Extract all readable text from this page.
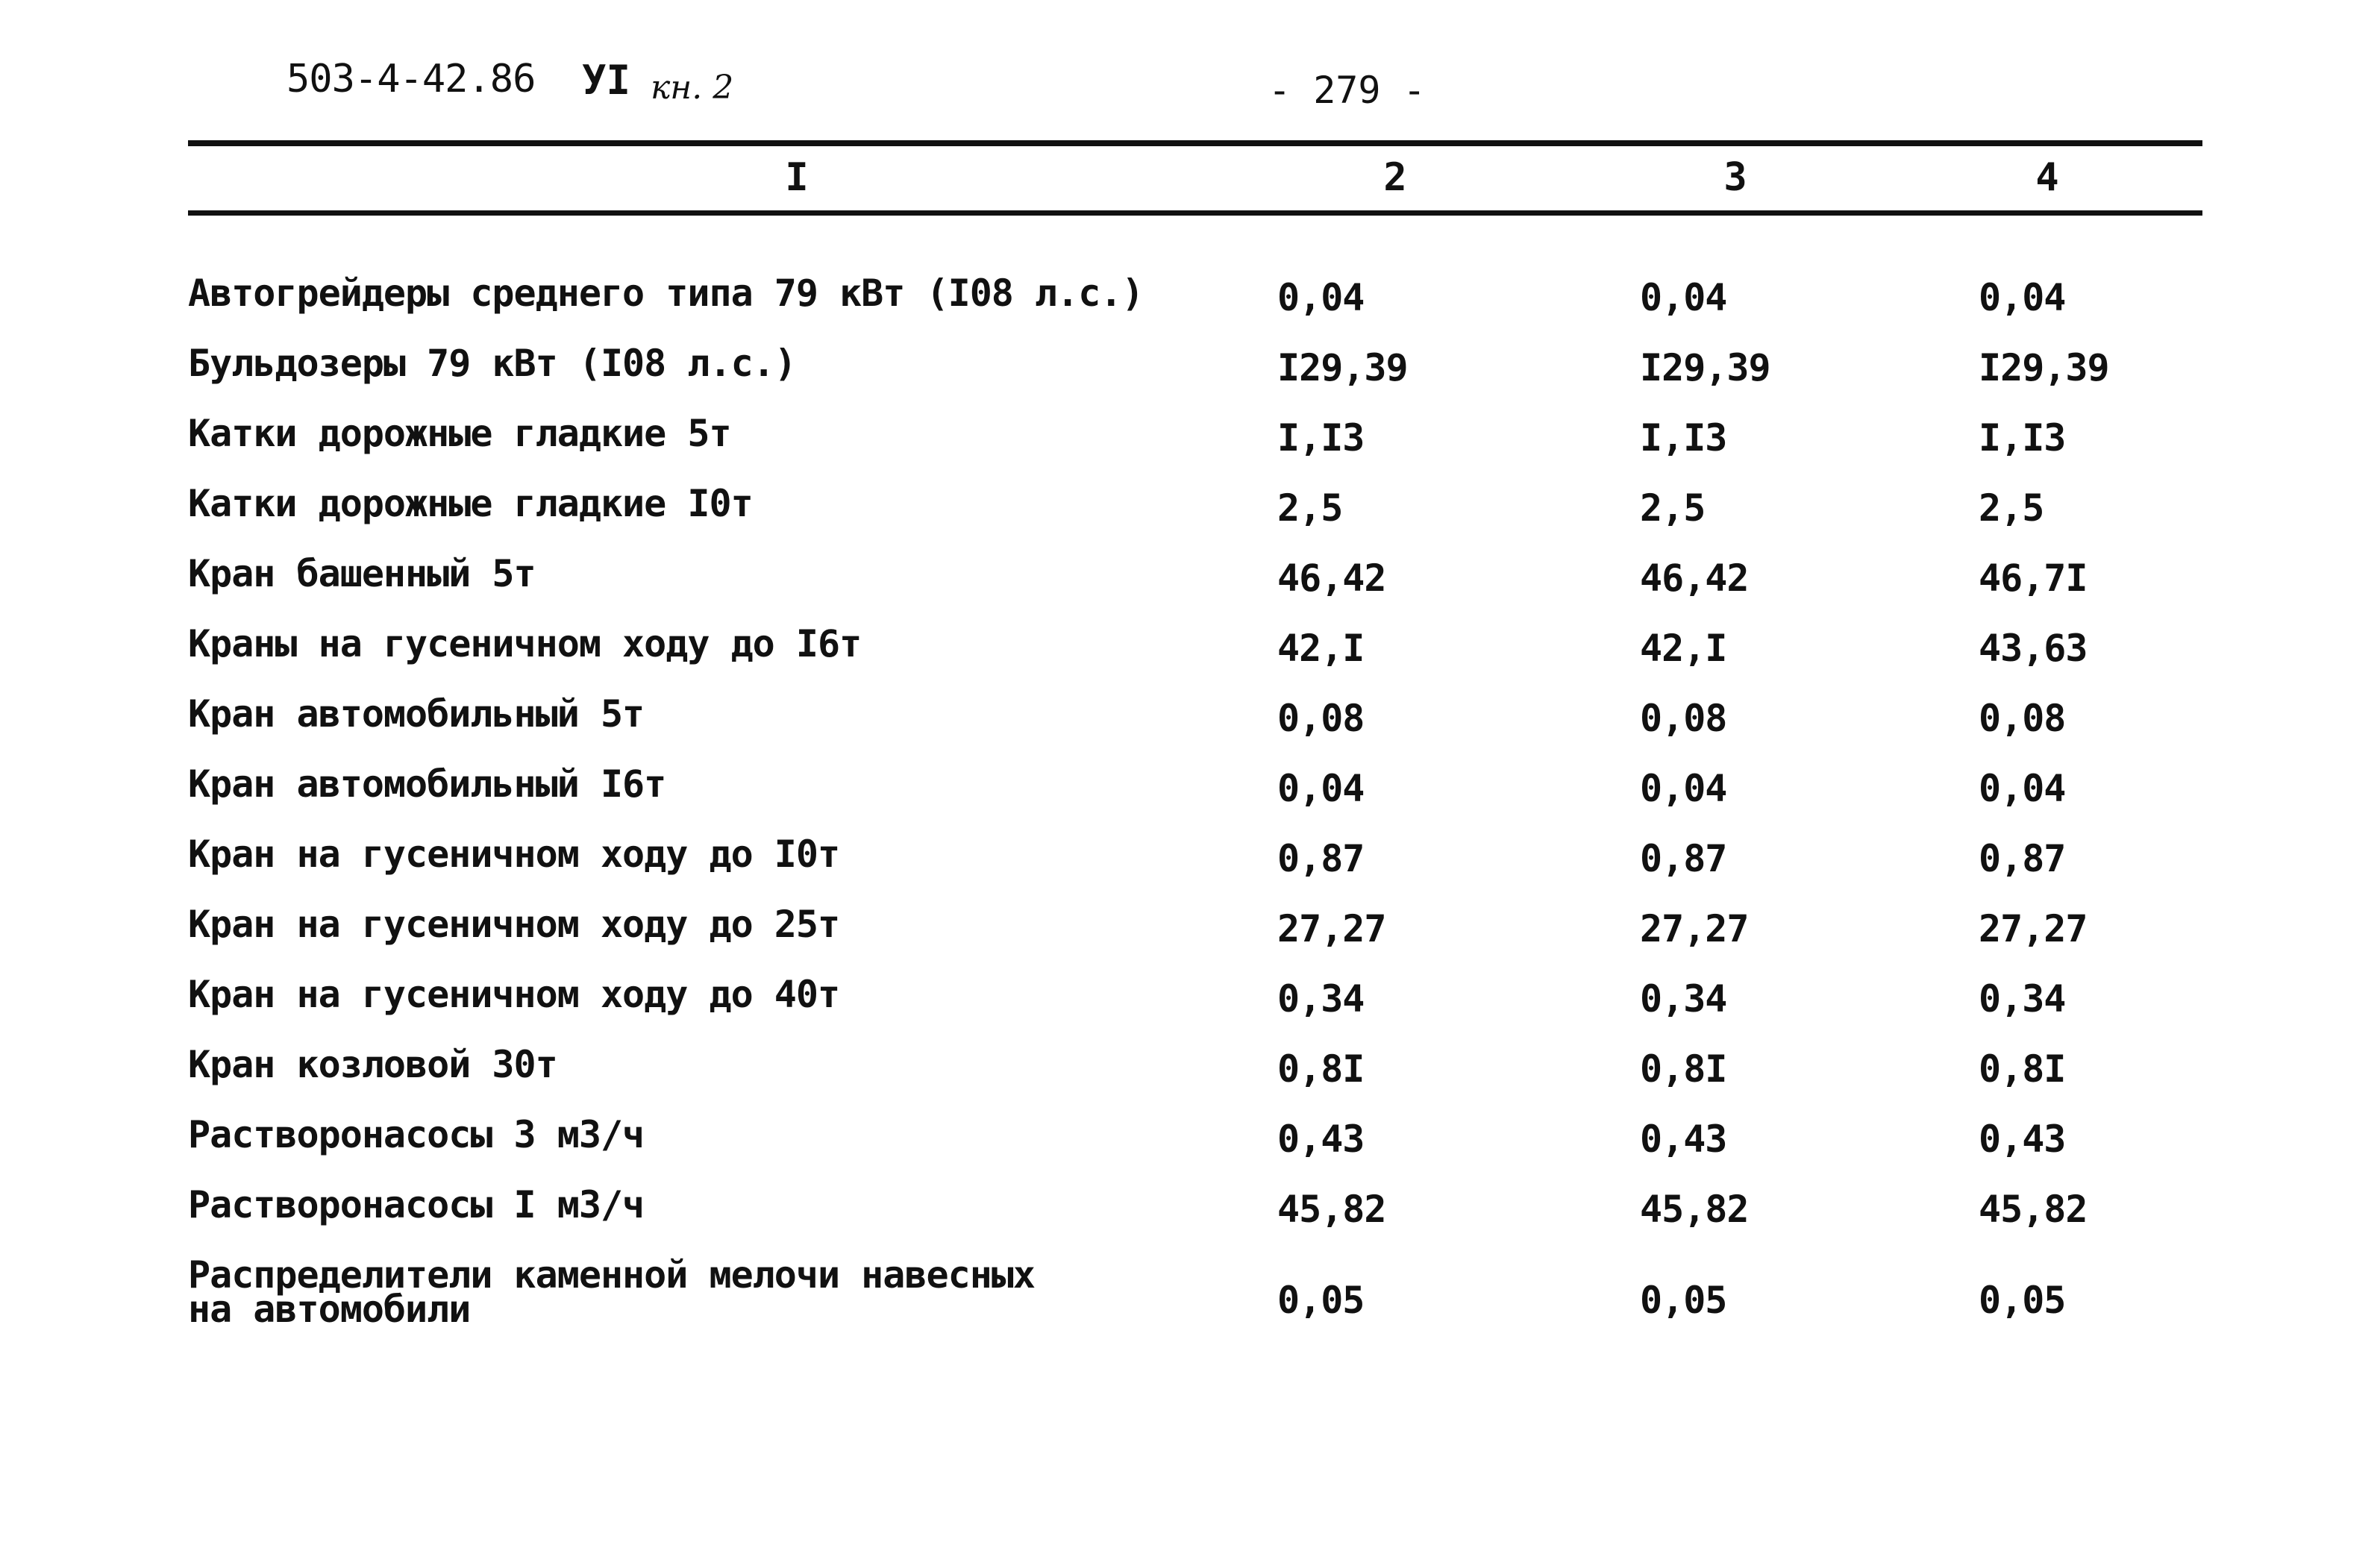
503-4-42.86 УI кн. 2	- 279 -
I	2	3	4
Автогрейдеры среднего типа 79 кВт (I08 л.с.)	0,04	0,04	0,04
Бульдозеры 79 кВт (I08 л.с.)	I29,39	I29,39	I29,39
Катки дорожные гладкие 5т	I,I3	I,I3	I,I3
Катки дорожные гладкие I0т	2,5	2,5	2,5
Кран башенный 5т	46,42	46,42	46,7I
Краны на гусеничном ходу до I6т	42,I	42,I	43,63
Кран автомобильный 5т	0,08	0,08	0,08
Кран автомобильный I6т	0,04	0,04	0,04
Кран на гусеничном ходу до I0т	0,87	0,87	0,87
Кран на гусеничном ходу до 25т	27,27	27,27	27,27
Кран на гусеничном ходу до 40т	0,34	0,34	0,34
Кран козловой 30т	0,8I	0,8I	0,8I
Растворонасосы 3 м3/ч	0,43	0,43	0,43
Растворонасосы I м3/ч	45,82	45,82	45,82
Распределители каменной мелочи навесных
на автомобили	0,05	0,05	0,05
